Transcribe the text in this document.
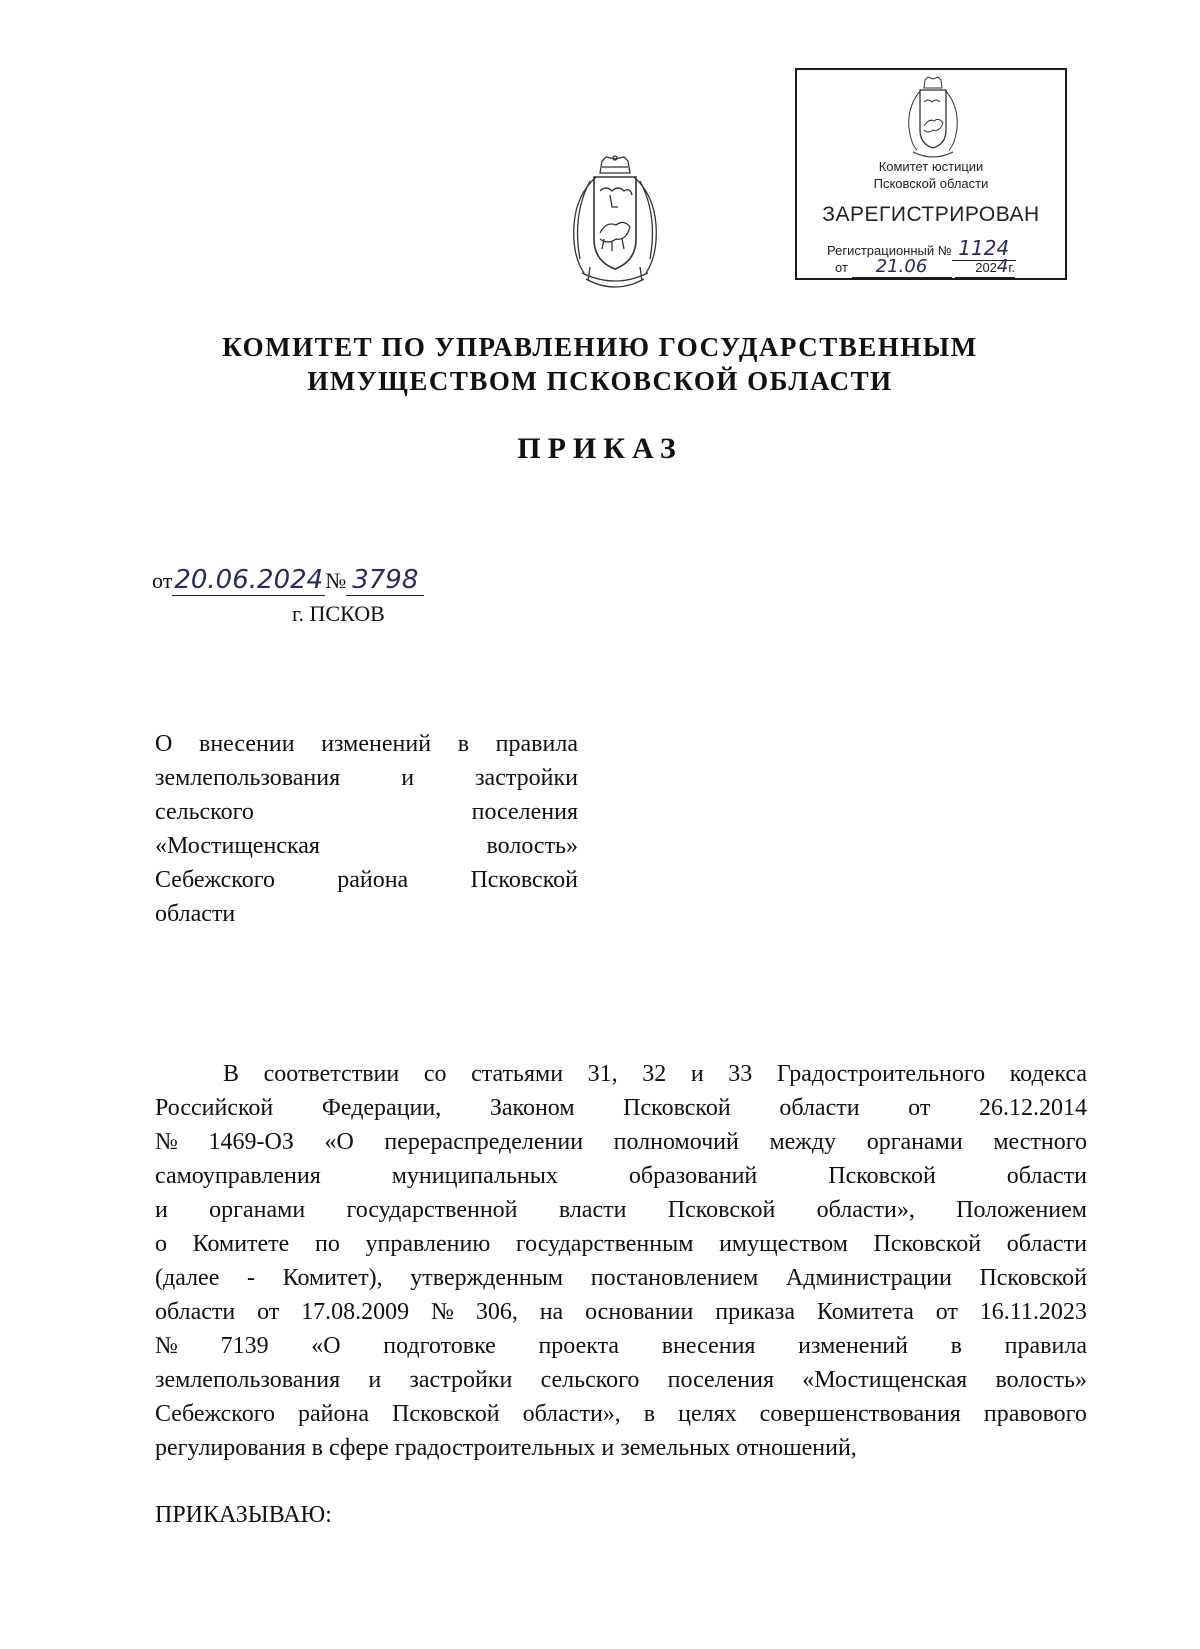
Комитет юстиции
Псковской области
ЗАРЕГИСТРИРОВАН
Регистрационный № 1124
от 21.06	2024г.
КОМИТЕТ ПО УПРАВЛЕНИЮ ГОСУДАРСТВЕННЫМ
ИМУЩЕСТВОМ ПСКОВСКОЙ ОБЛАСТИ
ПРИКАЗ
от20.06.2024№ 3798
г. ПСКОВ
О внесении изменений в правила
землепользования	и	застройки
сельского	поселения
«Мостищенская	волость»
Себежского	района	Псковской
области
В соответствии со статьями 31, 32 и 33 Градостроительного кодекса
Российской Федерации, Законом Псковской области от 26.12.2014
№ 1469-ОЗ «О перераспределении полномочий между органами местного
самоуправления	муниципальных	образований	Псковской	области
и органами государственной власти Псковской области», Положением
о Комитете по управлению государственным имуществом Псковской области
(далее - Комитет), утвержденным постановлением Администрации Псковской
области от 17.08.2009 № 306, на основании приказа Комитета от 16.11.2023
№ 7139 «О подготовке проекта внесения изменений в правила
землепользования и застройки сельского поселения «Мостищенская волость»
Себежского района Псковской области», в целях совершенствования правового
регулирования в сфере градостроительных и земельных отношений,
ПРИКАЗЫВАЮ:
